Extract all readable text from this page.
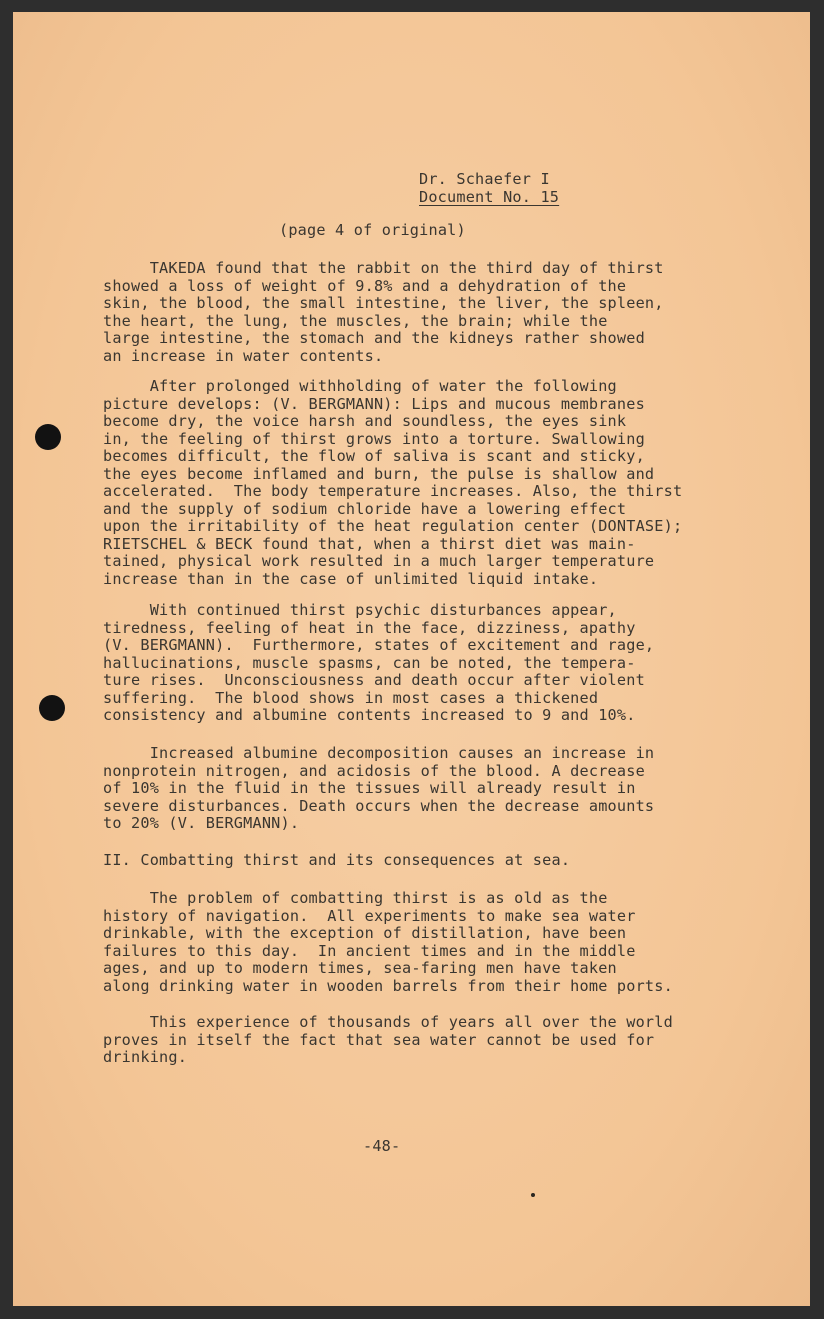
Dr. Schaefer I
Document No. 15
(page 4 of original)
TAKEDA found that the rabbit on the third day of thirst
showed a loss of weight of 9.8% and a dehydration of the
skin, the blood, the small intestine, the liver, the spleen,
the heart, the lung, the muscles, the brain; while the
large intestine, the stomach and the kidneys rather showed
an increase in water contents.
After prolonged withholding of water the following
picture develops: (V. BERGMANN): Lips and mucous membranes
become dry, the voice harsh and soundless, the eyes sink
in, the feeling of thirst grows into a torture. Swallowing
becomes difficult, the flow of saliva is scant and sticky,
the eyes become inflamed and burn, the pulse is shallow and
accelerated.  The body temperature increases. Also, the thirst
and the supply of sodium chloride have a lowering effect
upon the irritability of the heat regulation center (DONTASE);
RIETSCHEL & BECK found that, when a thirst diet was main-
tained, physical work resulted in a much larger temperature
increase than in the case of unlimited liquid intake.
With continued thirst psychic disturbances appear,
tiredness, feeling of heat in the face, dizziness, apathy
(V. BERGMANN).  Furthermore, states of excitement and rage,
hallucinations, muscle spasms, can be noted, the tempera-
ture rises.  Unconsciousness and death occur after violent
suffering.  The blood shows in most cases a thickened
consistency and albumine contents increased to 9 and 10%.
Increased albumine decomposition causes an increase in
nonprotein nitrogen, and acidosis of the blood. A decrease
of 10% in the fluid in the tissues will already result in
severe disturbances. Death occurs when the decrease amounts
to 20% (V. BERGMANN).
II. Combatting thirst and its consequences at sea.
The problem of combatting thirst is as old as the
history of navigation.  All experiments to make sea water
drinkable, with the exception of distillation, have been
failures to this day.  In ancient times and in the middle
ages, and up to modern times, sea-faring men have taken
along drinking water in wooden barrels from their home ports.
This experience of thousands of years all over the world
proves in itself the fact that sea water cannot be used for
drinking.
-48-
